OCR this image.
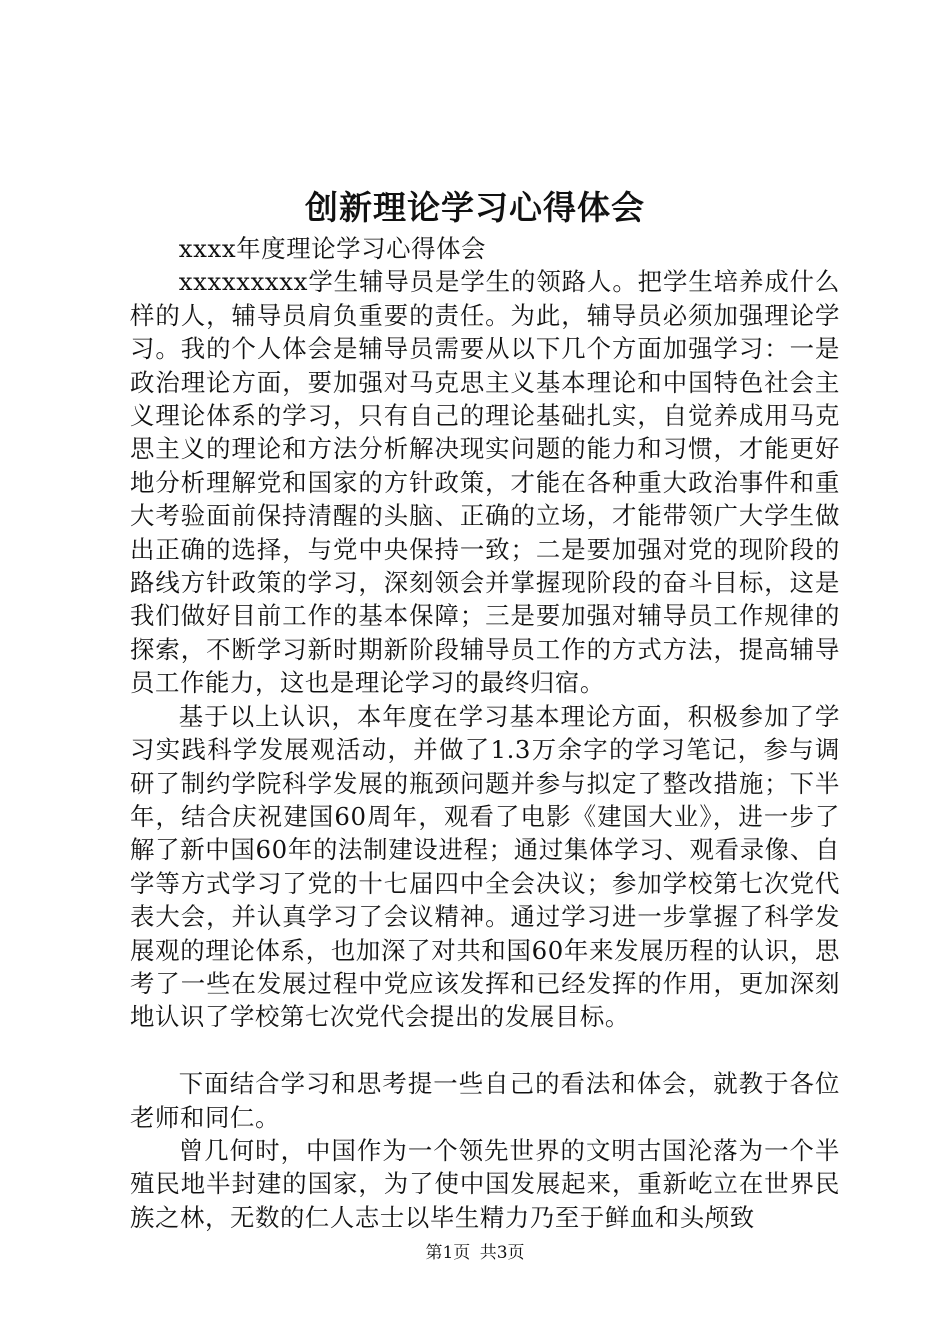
创新理论学习心得体会

xxxx年度理论学习心得体会

xxxxxxxxx学生辅导员是学生的领路人。把学生培养成什么样的人，辅导员肩负重要的责任。为此，辅导员必须加强理论学习。我的个人体会是辅导员需要从以下几个方面加强学习：一是政治理论方面，要加强对马克思主义基本理论和中国特色社会主义理论体系的学习，只有自己的理论基础扎实，自觉养成用马克思主义的理论和方法分析解决现实问题的能力和习惯，才能更好地分析理解党和国家的方针政策，才能在各种重大政治事件和重大考验面前保持清醒的头脑、正确的立场，才能带领广大学生做出正确的选择，与党中央保持一致；二是要加强对党的现阶段的路线方针政策的学习，深刻领会并掌握现阶段的奋斗目标，这是我们做好目前工作的基本保障；三是要加强对辅导员工作规律的探索，不断学习新时期新阶段辅导员工作的方式方法，提高辅导员工作能力，这也是理论学习的最终归宿。

基于以上认识，本年度在学习基本理论方面，积极参加了学习实践科学发展观活动，并做了1.3万余字的学习笔记，参与调研了制约学院科学发展的瓶颈问题并参与拟定了整改措施；下半年，结合庆祝建国60周年，观看了电影《建国大业》，进一步了解了新中国60年的法制建设进程；通过集体学习、观看录像、自学等方式学习了党的十七届四中全会决议；参加学校第七次党代表大会，并认真学习了会议精神。通过学习进一步掌握了科学发展观的理论体系，也加深了对共和国60年来发展历程的认识，思考了一些在发展过程中党应该发挥和已经发挥的作用，更加深刻地认识了学校第七次党代会提出的发展目标。

下面结合学习和思考提一些自己的看法和体会，就教于各位老师和同仁。

曾几何时，中国作为一个领先世界的文明古国沦落为一个半殖民地半封建的国家，为了使中国发展起来，重新屹立在世界民族之林，无数的仁人志士以毕生精力乃至于鲜血和头颅致

第1页 共3页
